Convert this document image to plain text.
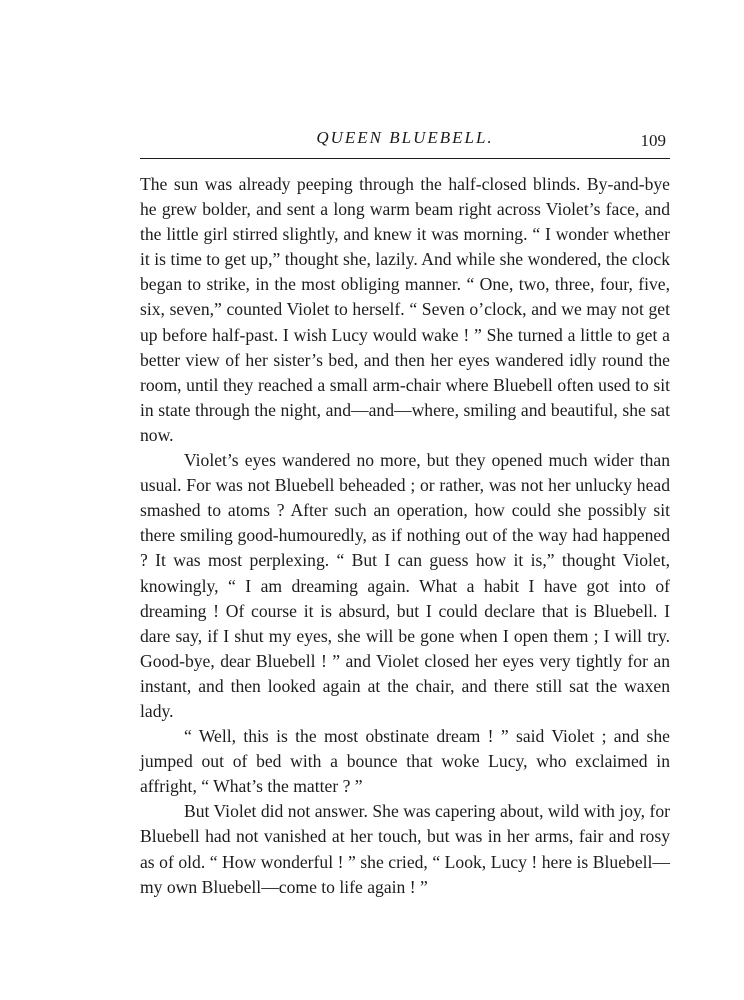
QUEEN BLUEBELL.	109

The sun was already peeping through the half-closed blinds. By-and-bye he grew bolder, and sent a long warm beam right across Violet’s face, and the little girl stirred slightly, and knew it was morning. “ I wonder whether it is time to get up,” thought she, lazily. And while she wondered, the clock began to strike, in the most obliging manner. “ One, two, three, four, five, six, seven,” counted Violet to herself. “ Seven o’clock, and we may not get up before half-past. I wish Lucy would wake ! ” She turned a little to get a better view of her sister’s bed, and then her eyes wandered idly round the room, until they reached a small arm-chair where Bluebell often used to sit in state through the night, and—and—where, smiling and beautiful, she sat now.

Violet’s eyes wandered no more, but they opened much wider than usual. For was not Bluebell beheaded ; or rather, was not her unlucky head smashed to atoms ? After such an operation, how could she possibly sit there smiling good-humouredly, as if nothing out of the way had happened ? It was most perplexing. “ But I can guess how it is,” thought Violet, knowingly, “ I am dreaming again. What a habit I have got into of dreaming ! Of course it is absurd, but I could declare that is Bluebell. I dare say, if I shut my eyes, she will be gone when I open them ; I will try. Good-bye, dear Bluebell ! ” and Violet closed her eyes very tightly for an instant, and then looked again at the chair, and there still sat the waxen lady.

“ Well, this is the most obstinate dream ! ” said Violet ; and she jumped out of bed with a bounce that woke Lucy, who exclaimed in affright, “ What’s the matter ? ”

But Violet did not answer. She was capering about, wild with joy, for Bluebell had not vanished at her touch, but was in her arms, fair and rosy as of old. “ How wonderful ! ” she cried, “ Look, Lucy ! here is Bluebell—my own Bluebell—come to life again ! ”
